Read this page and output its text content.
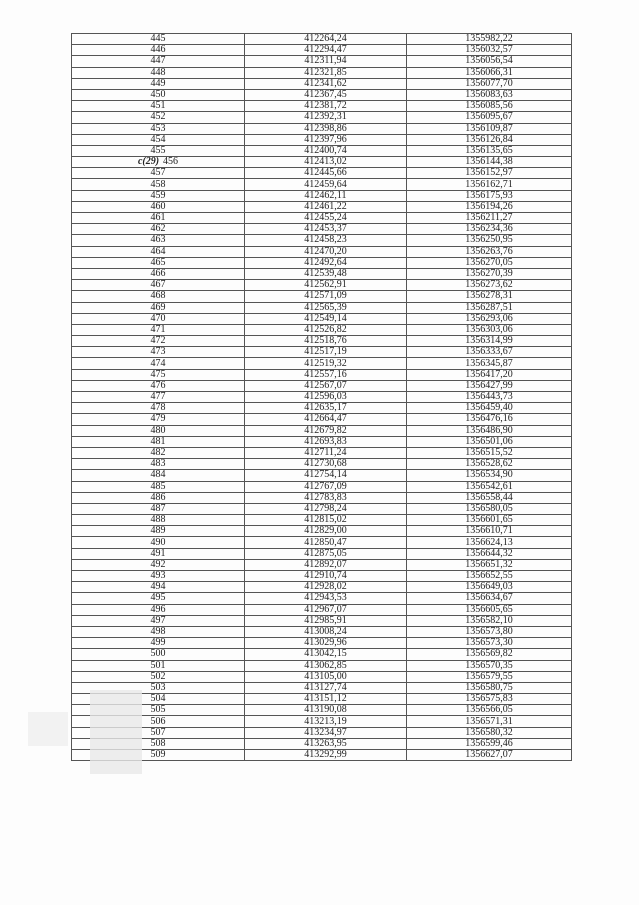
445	412264,24	1355982,22
446	412294,47	1356032,57
447	412311,94	1356056,54
448	412321,85	1356066,31
449	412341,62	1356077,70
450	412367,45	1356083,63
451	412381,72	1356085,56
452	412392,31	1356095,67
453	412398,86	1356109,87
454	412397,96	1356126,84
455	412400,74	1356135,65
c(29) 456	412413,02	1356144,38
457	412445,66	1356152,97
458	412459,64	1356162,71
459	412462,11	1356175,93
460	412461,22	1356194,26
461	412455,24	1356211,27
462	412453,37	1356234,36
463	412458,23	1356250,95
464	412470,20	1356263,76
465	412492,64	1356270,05
466	412539,48	1356270,39
467	412562,91	1356273,62
468	412571,09	1356278,31
469	412565,39	1356287,51
470	412549,14	1356293,06
471	412526,82	1356303,06
472	412518,76	1356314,99
473	412517,19	1356333,67
474	412519,32	1356345,87
475	412557,16	1356417,20
476	412567,07	1356427,99
477	412596,03	1356443,73
478	412635,17	1356459,40
479	412664,47	1356476,16
480	412679,82	1356486,90
481	412693,83	1356501,06
482	412711,24	1356515,52
483	412730,68	1356528,62
484	412754,14	1356534,90
485	412767,09	1356542,61
486	412783,83	1356558,44
487	412798,24	1356580,05
488	412815,02	1356601,65
489	412829,00	1356610,71
490	412850,47	1356624,13
491	412875,05	1356644,32
492	412892,07	1356651,32
493	412910,74	1356652,55
494	412928,02	1356649,03
495	412943,53	1356634,67
496	412967,07	1356605,65
497	412985,91	1356582,10
498	413008,24	1356573,80
499	413029,96	1356573,30
500	413042,15	1356569,82
501	413062,85	1356570,35
502	413105,00	1356579,55
503	413127,74	1356580,75
504	413151,12	1356575,83
505	413190,08	1356566,05
506	413213,19	1356571,31
507	413234,97	1356580,32
508	413263,95	1356599,46
509	413292,99	1356627,07
